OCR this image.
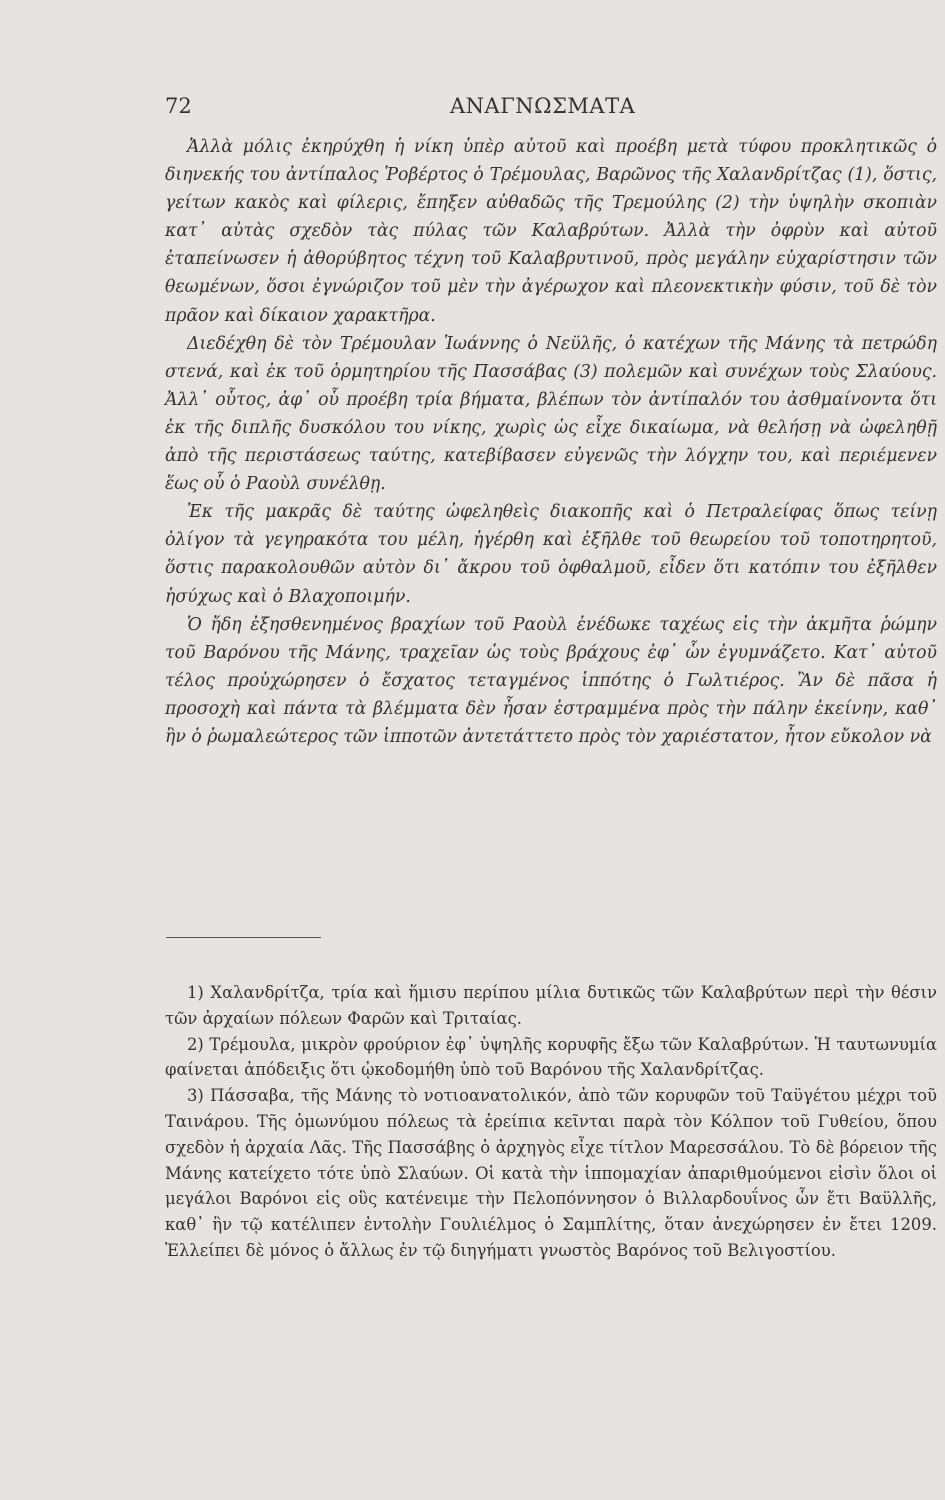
72	ΑΝΑΓΝΩΣΜΑΤΑ

Ἀλλὰ μόλις ἐκηρύχθη ἡ νίκη ὑπὲρ αὐτοῦ καὶ προέβη μετὰ τύφου προκλητικῶς ὁ διηνεκής του ἀντίπαλος Ῥοβέρτος ὁ Τρέμουλας, Βαρῶνος τῆς Χαλανδρίτζας (1), ὅστις, γείτων κακὸς καὶ φίλερις, ἔπηξεν αὐθαδῶς τῆς Τρεμούλης (2) τὴν ὑψηλὴν σκοπιὰν κατ᾽ αὐτὰς σχεδὸν τὰς πύλας τῶν Καλαβρύτων. Ἀλλὰ τὴν ὀφρὺν καὶ αὐτοῦ ἐταπείνωσεν ἡ ἀθορύβητος τέχνη τοῦ Καλαβρυτινοῦ, πρὸς μεγάλην εὐχαρίστησιν τῶν θεωμένων, ὅσοι ἐγνώριζον τοῦ μὲν τὴν ἀγέρωχον καὶ πλεονεκτικὴν φύσιν, τοῦ δὲ τὸν πρᾶον καὶ δίκαιον χαρακτῆρα.

Διεδέχθη δὲ τὸν Τρέμουλαν Ἰωάννης ὁ Νεϋλῆς, ὁ κατέχων τῆς Μάνης τὰ πετρώδη στενά, καὶ ἐκ τοῦ ὁρμητηρίου τῆς Πασσάβας (3) πολεμῶν καὶ συνέχων τοὺς Σλαύους. Ἀλλ᾽ οὗτος, ἀφ᾽ οὗ προέβη τρία βήματα, βλέπων τὸν ἀντίπαλόν του ἀσθμαίνοντα ὅτι ἐκ τῆς διπλῆς δυσκόλου του νίκης, χωρὶς ὡς εἶχε δικαίωμα, νὰ θελήσῃ νὰ ὠφεληθῇ ἀπὸ τῆς περιστάσεως ταύτης, κατεβίβασεν εὐγενῶς τὴν λόγχην του, καὶ περιέμενεν ἕως οὗ ὁ Ραοὺλ συνέλθῃ.

Ἐκ τῆς μακρᾶς δὲ ταύτης ὠφεληθεὶς διακοπῆς καὶ ὁ Πετραλείφας ὅπως τείνῃ ὀλίγον τὰ γεγηρακότα του μέλη, ἠγέρθη καὶ ἐξῆλθε τοῦ θεωρείου τοῦ τοποτηρητοῦ, ὅστις παρακολουθῶν αὐτὸν δι᾽ ἄκρου τοῦ ὀφθαλμοῦ, εἶδεν ὅτι κατόπιν του ἐξῆλθεν ἡσύχως καὶ ὁ Βλαχοποιμήν.

Ὁ ἤδη ἐξησθενημένος βραχίων τοῦ Ραοὺλ ἐνέδωκε ταχέως εἰς τὴν ἀκμῆτα ῥώμην τοῦ Βαρόνου τῆς Μάνης, τραχεῖαν ὡς τοὺς βράχους ἐφ᾽ ὧν ἐγυμνάζετο. Κατ᾽ αὐτοῦ τέλος προὐχώρησεν ὁ ἔσχατος τεταγμένος ἱππότης ὁ Γωλτιέρος. Ἂν δὲ πᾶσα ἡ προσοχὴ καὶ πάντα τὰ βλέμματα δὲν ἦσαν ἐστραμμένα πρὸς τὴν πάλην ἐκείνην, καθ᾽ ἣν ὁ ῥωμαλεώτερος τῶν ἱπποτῶν ἀντετάττετο πρὸς τὸν χαριέστατον, ἦτον εὔκολον νὰ

1) Χαλανδρίτζα, τρία καὶ ἥμισυ περίπου μίλια δυτικῶς τῶν Καλαβρύτων περὶ τὴν θέσιν τῶν ἀρχαίων πόλεων Φαρῶν καὶ Τριταίας.

2) Τρέμουλα, μικρὸν φρούριον ἐφ᾽ ὑψηλῆς κορυφῆς ἔξω τῶν Καλαβρύτων. Ἡ ταυτωνυμία φαίνεται ἀπόδειξις ὅτι ᾠκοδομήθη ὑπὸ τοῦ Βαρόνου τῆς Χαλανδρίτζας.

3) Πάσσαβα, τῆς Μάνης τὸ νοτιοανατολικόν, ἀπὸ τῶν κορυφῶν τοῦ Ταϋγέτου μέχρι τοῦ Ταινάρου. Τῆς ὁμωνύμου πόλεως τὰ ἐρείπια κεῖνται παρὰ τὸν Κόλπον τοῦ Γυθείου, ὅπου σχεδὸν ἡ ἀρχαία Λᾶς. Τῆς Πασσάβης ὁ ἀρχηγὸς εἶχε τίτλον Μαρεσσάλου. Τὸ δὲ βόρειον τῆς Μάνης κατείχετο τότε ὑπὸ Σλαύων. Οἱ κατὰ τὴν ἱππομαχίαν ἀπαριθμούμενοι εἰσὶν ὅλοι οἱ μεγάλοι Βαρόνοι εἰς οὓς κατένειμε τὴν Πελοπόννησον ὁ Βιλλαρδουΐνος ὧν ἔτι Βαϋλλῆς, καθ᾽ ἣν τῷ κατέλιπεν ἐντολὴν Γουλιέλμος ὁ Σαμπλίτης, ὅταν ἀνεχώρησεν ἐν ἔτει 1209. Ἐλλείπει δὲ μόνος ὁ ἄλλως ἐν τῷ διηγήματι γνωστὸς Βαρόνος τοῦ Βελιγοστίου.
